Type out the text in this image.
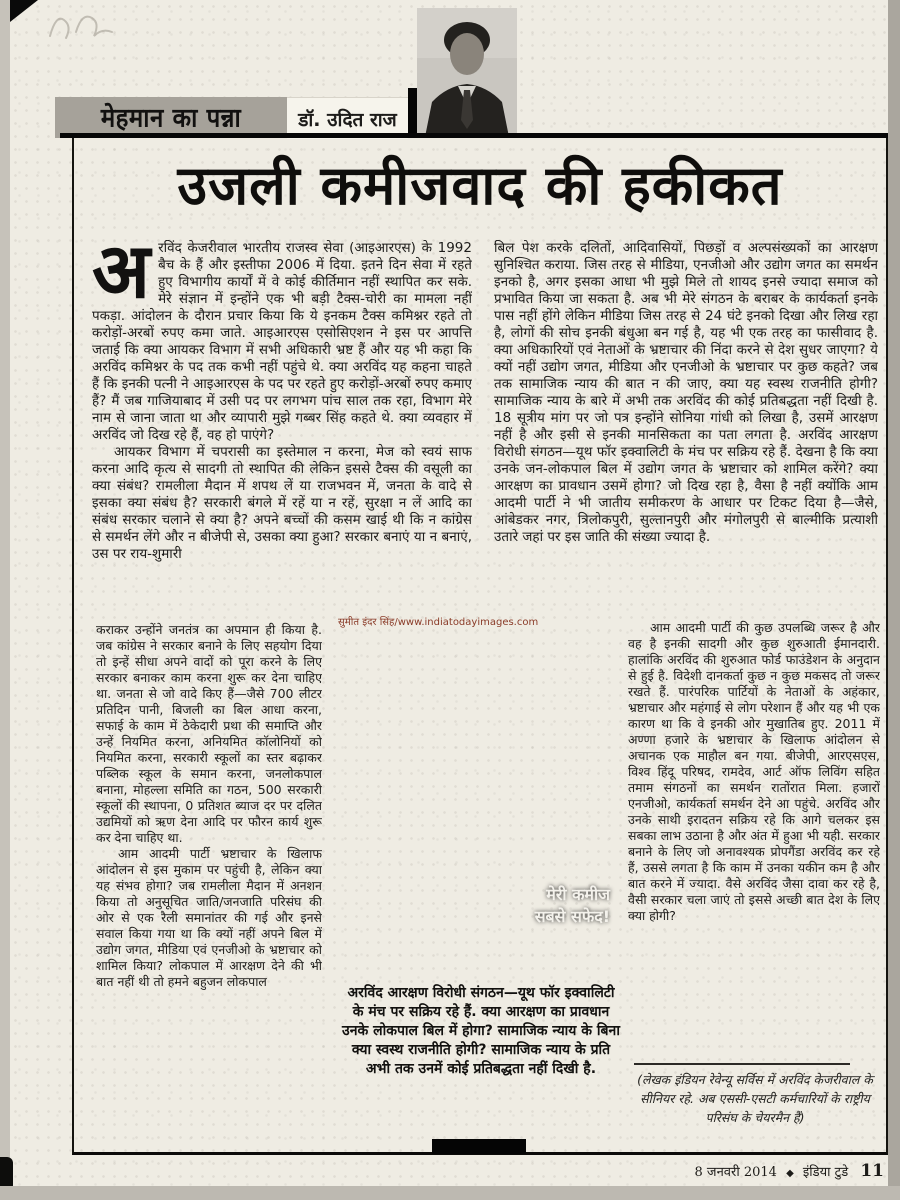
मेहमान का पन्ना	डॉ. उदित राज
उजली कमीजवाद की हकीकत
अरविंद केजरीवाल भारतीय राजस्व सेवा (आइआरएस) के 1992 बैच के हैं और इस्तीफा 2006 में दिया. इतने दिन सेवा में रहते हुए विभागीय कार्यों में वे कोई कीर्तिमान नहीं स्थापित कर सके. मेरे संज्ञान में इन्होंने एक भी बड़ी टैक्स-चोरी का मामला नहीं पकड़ा. आंदोलन के दौरान प्रचार किया कि ये इनकम टैक्स कमिश्नर रहते तो करोड़ों-अरबों रुपए कमा जाते. आइआरएस एसोसिएशन ने इस पर आपत्ति जताई कि क्या आयकर विभाग में सभी अधिकारी भ्रष्ट हैं और यह भी कहा कि अरविंद कमिश्नर के पद तक कभी नहीं पहुंचे थे. क्या अरविंद यह कहना चाहते हैं कि इनकी पत्नी ने आइआरएस के पद पर रहते हुए करोड़ों-अरबों रुपए कमाए हैं? मैं जब गाजियाबाद में उसी पद पर लगभग पांच साल तक रहा, विभाग मेरे नाम से जाना जाता था और व्यापारी मुझे गब्बर सिंह कहते थे. क्या व्यवहार में अरविंद जो दिख रहे हैं, वह हो पाएंगे?
आयकर विभाग में चपरासी का इस्तेमाल न करना, मेज को स्वयं साफ करना आदि कृत्य से सादगी तो स्थापित की लेकिन इससे टैक्स की वसूली का क्या संबंध? रामलीला मैदान में शपथ लें या राजभवन में, जनता के वादे से इसका क्या संबंध है? सरकारी बंगले में रहें या न रहें, सुरक्षा न लें आदि का संबंध सरकार चलाने से क्या है? अपने बच्चों की कसम खाई थी कि न कांग्रेस से समर्थन लेंगे और न बीजेपी से, उसका क्या हुआ? सरकार बनाएं या न बनाएं, उस पर राय-शुमारी
बिल पेश करके दलितों, आदिवासियों, पिछड़ों व अल्पसंख्यकों का आरक्षण सुनिश्चित कराया. जिस तरह से मीडिया, एनजीओ और उद्योग जगत का समर्थन इनको है, अगर इसका आधा भी मुझे मिले तो शायद इनसे ज्यादा समाज को प्रभावित किया जा सकता है. अब भी मेरे संगठन के बराबर के कार्यकर्ता इनके पास नहीं होंगे लेकिन मीडिया जिस तरह से 24 घंटे इनको दिखा और लिख रहा है, लोगों की सोच इनकी बंधुआ बन गई है, यह भी एक तरह का फासीवाद है. क्या अधिकारियों एवं नेताओं के भ्रष्टाचार की निंदा करने से देश सुधर जाएगा? ये क्यों नहीं उद्योग जगत, मीडिया और एनजीओ के भ्रष्टाचार पर कुछ कहते? जब तक सामाजिक न्याय की बात न की जाए, क्या यह स्वस्थ राजनीति होगी? सामाजिक न्याय के बारे में अभी तक अरविंद की कोई प्रतिबद्धता नहीं दिखी है. 18 सूत्रीय मांग पर जो पत्र इन्होंने सोनिया गांधी को लिखा है, उसमें आरक्षण नहीं है और इसी से इनकी मानसिकता का पता लगता है. अरविंद आरक्षण विरोधी संगठन—यूथ फॉर इक्वालिटी के मंच पर सक्रिय रहे हैं. देखना है कि क्या उनके जन-लोकपाल बिल में उद्योग जगत के भ्रष्टाचार को शामिल करेंगे? क्या आरक्षण का प्रावधान उसमें होगा? जो दिख रहा है, वैसा है नहीं क्योंकि आम आदमी पार्टी ने भी जातीय समीकरण के आधार पर टिकट दिया है—जैसे, आंबेडकर नगर, त्रिलोकपुरी, सुल्तानपुरी और मंगोलपुरी से बाल्मीकि प्रत्याशी उतारे जहां पर इस जाति की संख्या ज्यादा है.
कराकर उन्होंने जनतंत्र का अपमान ही किया है. जब कांग्रेस ने सरकार बनाने के लिए सहयोग दिया तो इन्हें सीधा अपने वादों को पूरा करने के लिए सरकार बनाकर काम करना शुरू कर देना चाहिए था. जनता से जो वादे किए हैं—जैसे 700 लीटर प्रतिदिन पानी, बिजली का बिल आधा करना, सफाई के काम में ठेकेदारी प्रथा की समाप्ति और उन्हें नियमित करना, अनियमित कॉलोनियों को नियमित करना, सरकारी स्कूलों का स्तर बढ़ाकर पब्लिक स्कूल के समान करना, जनलोकपाल बनाना, मोहल्ला समिति का गठन, 500 सरकारी स्कूलों की स्थापना, 0 प्रतिशत ब्याज दर पर दलित उद्यमियों को ऋण देना आदि पर फौरन कार्य शुरू कर देना चाहिए था.
आम आदमी पार्टी भ्रष्टाचार के खिलाफ आंदोलन से इस मुकाम पर पहुंची है, लेकिन क्या यह संभव होगा? जब रामलीला मैदान में अनशन किया तो अनुसूचित जाति/जनजाति परिसंघ की ओर से एक रैली समानांतर की गई और इनसे सवाल किया गया था कि क्यों नहीं अपने बिल में उद्योग जगत, मीडिया एवं एनजीओ के भ्रष्टाचार को शामिल किया? लोकपाल में आरक्षण देने की भी बात नहीं थी तो हमने बहुजन लोकपाल
सुमीत इंदर सिंह/www.indiatodayimages.com
मेरी कमीज
सबसे सफेद!
अरविंद आरक्षण विरोधी संगठन—यूथ फॉर इक्वालिटी के मंच पर सक्रिय रहे हैं. क्या आरक्षण का प्रावधान उनके लोकपाल बिल में होगा? सामाजिक न्याय के बिना क्या स्वस्थ राजनीति होगी? सामाजिक न्याय के प्रति अभी तक उनमें कोई प्रतिबद्धता नहीं दिखी है.
आम आदमी पार्टी की कुछ उपलब्धि जरूर है और वह है इनकी सादगी और कुछ शुरुआती ईमानदारी. हालांकि अरविंद की शुरुआत फोर्ड फाउंडेशन के अनुदान से हुई है. विदेशी दानकर्ता कुछ न कुछ मकसद तो जरूर रखते हैं. पारंपरिक पार्टियों के नेताओं के अहंकार, भ्रष्टाचार और महंगाई से लोग परेशान हैं और यह भी एक कारण था कि वे इनकी ओर मुखातिब हुए. 2011 में अण्णा हजारे के भ्रष्टाचार के खिलाफ आंदोलन से अचानक एक माहौल बन गया. बीजेपी, आरएसएस, विश्व हिंदू परिषद, रामदेव, आर्ट ऑफ लिविंग सहित तमाम संगठनों का समर्थन रातोंरात मिला. हजारों एनजीओ, कार्यकर्ता समर्थन देने आ पहुंचे. अरविंद और उनके साथी इरादतन सक्रिय रहे कि आगे चलकर इस सबका लाभ उठाना है और अंत में हुआ भी यही. सरकार बनाने के लिए जो अनावश्यक प्रोपगैंडा अरविंद कर रहे हैं, उससे लगता है कि काम में उनका यकीन कम है और बात करने में ज्यादा. वैसे अरविंद जैसा दावा कर रहे है, वैसी सरकार चला जाएं तो इससे अच्छी बात देश के लिए क्या होगी?
(लेखक इंडियन रेवेन्यू सर्विस में अरविंद केजरीवाल के सीनियर रहे. अब एससी-एसटी कर्मचारियों के राष्ट्रीय परिसंघ के चेयरमैन हैं)
8 जनवरी 2014 ◆ इंडिया टुडे 11
